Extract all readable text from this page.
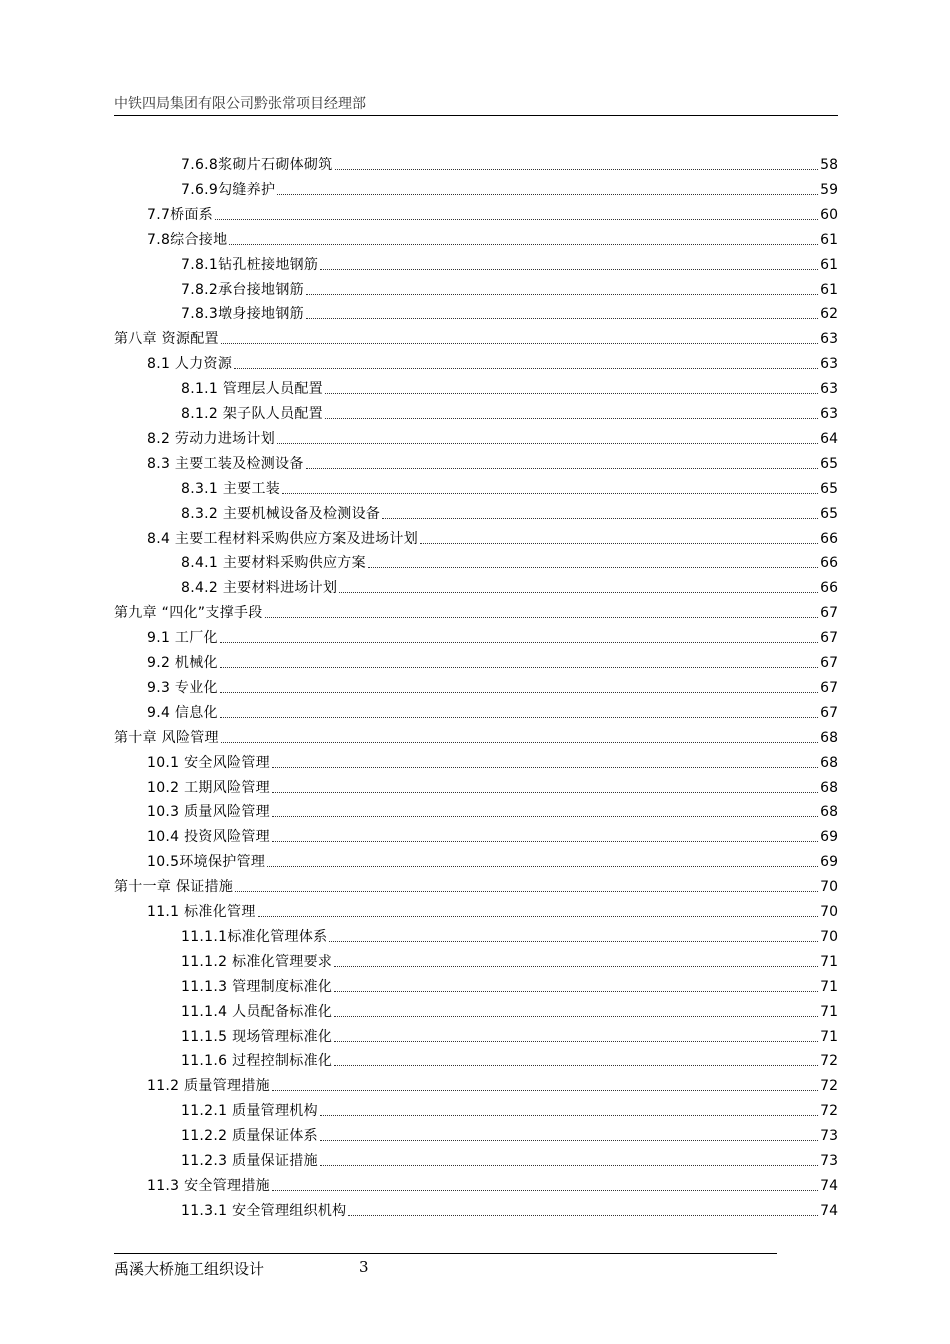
中铁四局集团有限公司黔张常项目经理部
7.6.8浆砌片石砌体砌筑	58
7.6.9勾缝养护	59
7.7桥面系	60
7.8综合接地	61
7.8.1钻孔桩接地钢筋	61
7.8.2承台接地钢筋	61
7.8.3墩身接地钢筋	62
第八章 资源配置	63
8.1 人力资源	63
8.1.1 管理层人员配置	63
8.1.2 架子队人员配置	63
8.2 劳动力进场计划	64
8.3 主要工装及检测设备	65
8.3.1 主要工装	65
8.3.2 主要机械设备及检测设备	65
8.4 主要工程材料采购供应方案及进场计划	66
8.4.1 主要材料采购供应方案	66
8.4.2 主要材料进场计划	66
第九章 “四化”支撑手段	67
9.1 工厂化	67
9.2 机械化	67
9.3 专业化	67
9.4 信息化	67
第十章 风险管理	68
10.1 安全风险管理	68
10.2 工期风险管理	68
10.3 质量风险管理	68
10.4 投资风险管理	69
10.5环境保护管理	69
第十一章 保证措施	70
11.1 标准化管理	70
11.1.1标准化管理体系	70
11.1.2 标准化管理要求	71
11.1.3 管理制度标准化	71
11.1.4 人员配备标准化	71
11.1.5 现场管理标准化	71
11.1.6 过程控制标准化	72
11.2 质量管理措施	72
11.2.1 质量管理机构	72
11.2.2 质量保证体系	73
11.2.3 质量保证措施	73
11.3 安全管理措施	74
11.3.1 安全管理组织机构	74
禹溪大桥施工组织设计	3
